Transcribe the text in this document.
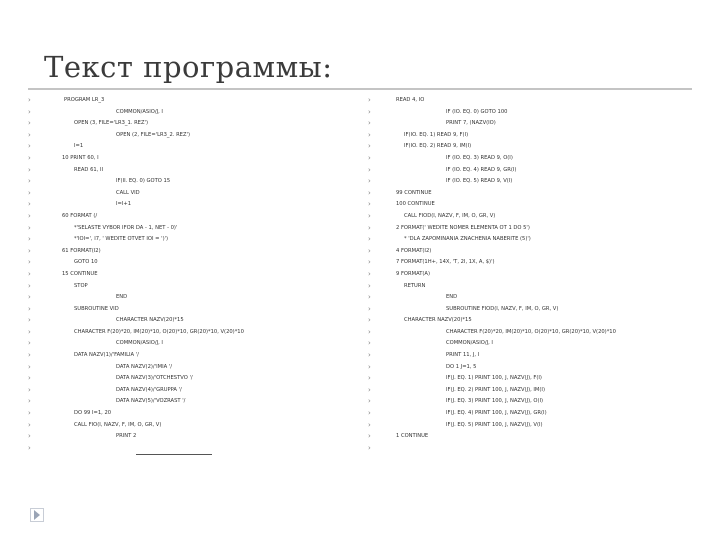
Текст программы:
›	PROGRAM LR_3
›	COMMON/ASIO/J, I
›	OPEN (3, FILE='LR3_1. REZ')
›	OPEN (2, FILE='LR3_2. REZ')
›	I=1
›	10 PRINT 60, I
›	READ 61, II
›	IF(II. EQ. 0) GOTO 15
›	CALL VID
›	I=I+1
›	60 FORMAT (/
›	*'SELASTE VYBOR IFOR DA - 1, NET - 0)'
›	*'IOI=', I7, ' WEDITE OTVET IOI = ')')
›	61 FORMAT(I2)
›	GOTO 10
›	15 CONTINUE
›	STOP
›	END
›	SUBROUTINE VID
›	CHARACTER NAZV(20)*15
›	CHARACTER F(20)*20, IM(20)*10, O(20)*10, GR(20)*10, V(20)*10
›	COMMON/ASIO/J, I
›	DATA NAZV(1)/'FAMILIA '/
›	DATA NAZV(2)/'IMIA '/
›	DATA NAZV(3)/'OTCHESTVO '/
›	DATA NAZV(4)/'GRUPPA '/
›	DATA NAZV(5)/'VOZRAST '/
›	DO 99 I=1, 20
›	CALL FIO(I, NAZV, F, IM, O, GR, V)
›	PRINT 2
›
›	READ 4, IO
›	IF (IO. EQ. 0) GOTO 100
›	PRINT 7, (NAZV(IO)
›	IF(IO. EQ. 1) READ 9, F(I)
›	IF(IO. EQ. 2) READ 9, IM(I)
›	IF (IO. EQ. 3) READ 9, O(I)
›	IF (IO. EQ. 4) READ 9, GR(I)
›	IF (IO. EQ. 5) READ 9, V(I)
›	99 CONTINUE
›	100 CONTINUE
›	CALL FIOD(I, NAZV, F, IM, O, GR, V)
›	2 FORMAT(' WEDITE NOMER ELEMENTA OT 1 DO 5')
›	* 'DLA ZAPOMINANIA ZNACHENIA NABERITE (5)')
›	4 FORMAT(I2)
›	7 FORMAT(1H+, 14X, 'T, 2I, 1X, A, $)')
›	9 FORMAT(A)
›	RETURN
›	END
›	SUBROUTINE FIOD(I, NAZV, F, IM, O, GR, V)
›	CHARACTER NAZV(20)*15
›	CHARACTER F(20)*20, IM(20)*10, O(20)*10, GR(20)*10, V(20)*10
›	COMMON/ASIO/J, I
›	PRINT 11, J, I
›	DO 1 J=1, 5
›	IF(J. EQ. 1) PRINT 100, J, NAZV(J), F(I)
›	IF(J. EQ. 2) PRINT 100, J, NAZV(J), IM(I)
›	IF(J. EQ. 3) PRINT 100, J, NAZV(J), O(I)
›	IF(J. EQ. 4) PRINT 100, J, NAZV(J), GR(I)
›	IF(J. EQ. 5) PRINT 100, J, NAZV(J), V(I)
›	1 CONTINUE
›
